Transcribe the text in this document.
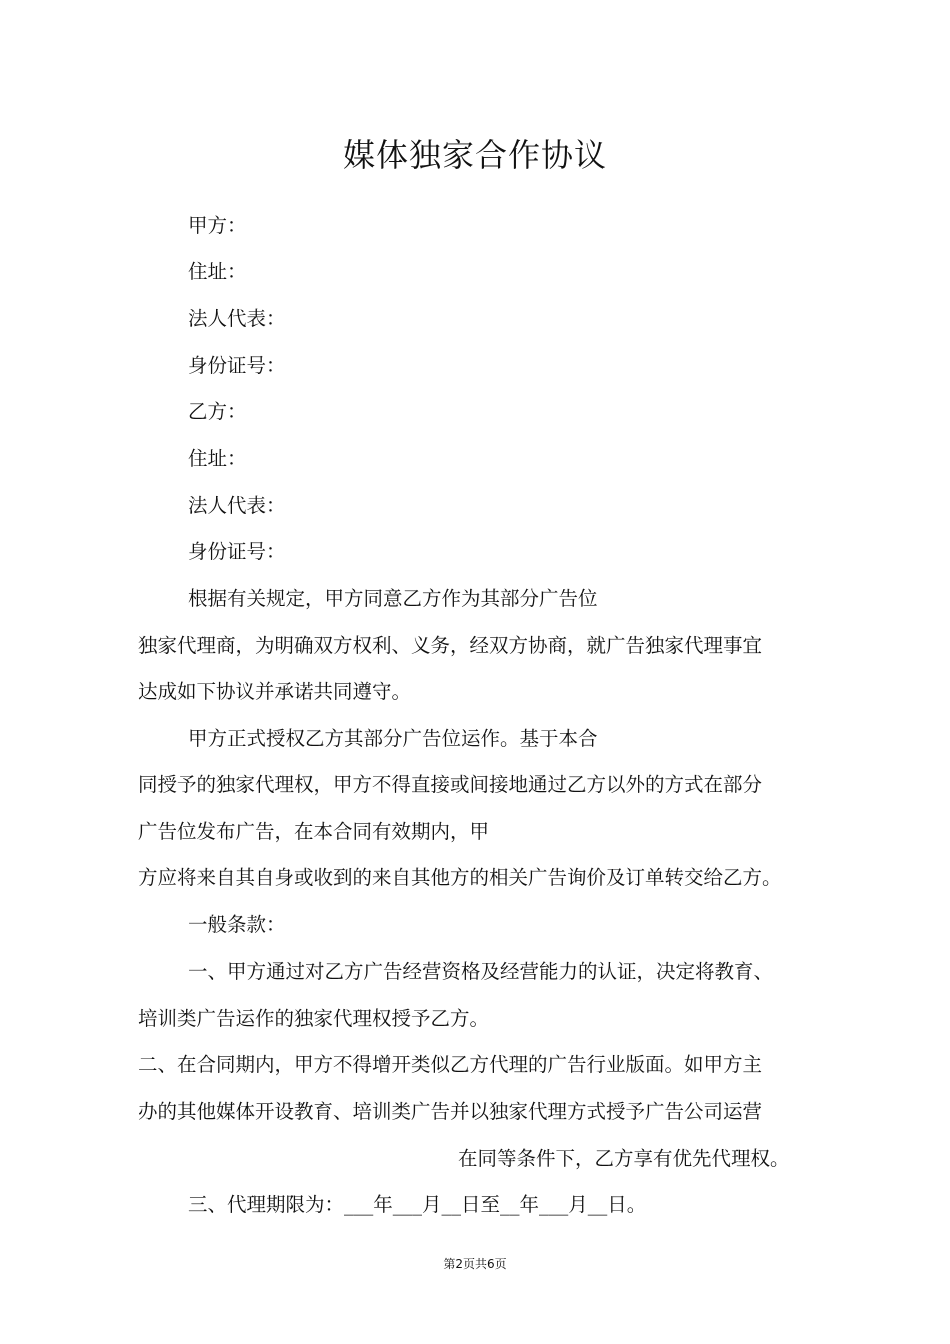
媒体独家合作协议
甲方：
住址：
法人代表：
身份证号：
乙方：
住址：
法人代表：
身份证号：
根据有关规定，甲方同意乙方作为其部分广告位
独家代理商，为明确双方权利、义务，经双方协商，就广告独家代理事宜
达成如下协议并承诺共同遵守。
甲方正式授权乙方其部分广告位运作。基于本合
同授予的独家代理权，甲方不得直接或间接地通过乙方以外的方式在部分
广告位发布广告，在本合同有效期内，甲
方应将来自其自身或收到的来自其他方的相关广告询价及订单转交给乙方。
一般条款：
一、甲方通过对乙方广告经营资格及经营能力的认证，决定将教育、
培训类广告运作的独家代理权授予乙方。
二、在合同期内，甲方不得增开类似乙方代理的广告行业版面。如甲方主
办的其他媒体开设教育、培训类广告并以独家代理方式授予广告公司运营
在同等条件下，乙方享有优先代理权。
三、代理期限为：___年___月__日至__年___月__日。
第2页共6页
